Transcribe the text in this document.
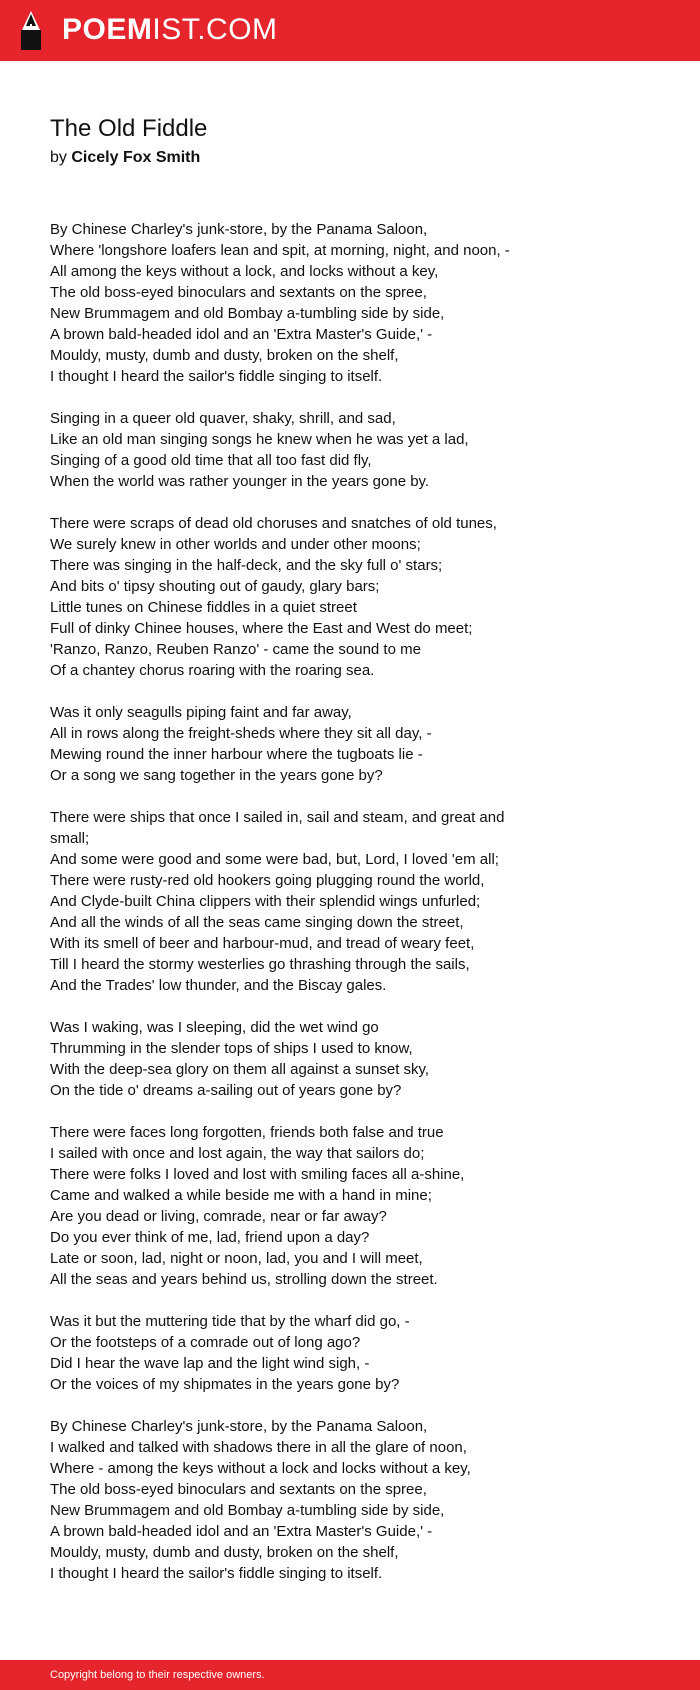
POEMIST.COM
The Old Fiddle
by Cicely Fox Smith
By Chinese Charley's junk-store, by the Panama Saloon,
Where 'longshore loafers lean and spit, at morning, night, and noon, -
All among the keys without a lock, and locks without a key,
The old boss-eyed binoculars and sextants on the spree,
New Brummagem and old Bombay a-tumbling side by side,
A brown bald-headed idol and an 'Extra Master's Guide,' -
Mouldy, musty, dumb and dusty, broken on the shelf,
I thought I heard the sailor's fiddle singing to itself.
Singing in a queer old quaver, shaky, shrill, and sad,
Like an old man singing songs he knew when he was yet a lad,
Singing of a good old time that all too fast did fly,
When the world was rather younger in the years gone by.
There were scraps of dead old choruses and snatches of old tunes,
We surely knew in other worlds and under other moons;
There was singing in the half-deck, and the sky full o' stars;
And bits o' tipsy shouting out of gaudy, glary bars;
Little tunes on Chinese fiddles in a quiet street
Full of dinky Chinee houses, where the East and West do meet;
'Ranzo, Ranzo, Reuben Ranzo' - came the sound to me
Of a chantey chorus roaring with the roaring sea.
Was it only seagulls piping faint and far away,
All in rows along the freight-sheds where they sit all day, -
Mewing round the inner harbour where the tugboats lie -
Or a song we sang together in the years gone by?
There were ships that once I sailed in, sail and steam, and great and small;
And some were good and some were bad, but, Lord, I loved 'em all;
There were rusty-red old hookers going plugging round the world,
And Clyde-built China clippers with their splendid wings unfurled;
And all the winds of all the seas came singing down the street,
With its smell of beer and harbour-mud, and tread of weary feet,
Till I heard the stormy westerlies go thrashing through the sails,
And the Trades' low thunder, and the Biscay gales.
Was I waking, was I sleeping, did the wet wind go
Thrumming in the slender tops of ships I used to know,
With the deep-sea glory on them all against a sunset sky,
On the tide o' dreams a-sailing out of years gone by?
There were faces long forgotten, friends both false and true
I sailed with once and lost again, the way that sailors do;
There were folks I loved and lost with smiling faces all a-shine,
Came and walked a while beside me with a hand in mine;
Are you dead or living, comrade, near or far away?
Do you ever think of me, lad, friend upon a day?
Late or soon, lad, night or noon, lad, you and I will meet,
All the seas and years behind us, strolling down the street.
Was it but the muttering tide that by the wharf did go, -
Or the footsteps of a comrade out of long ago?
Did I hear the wave lap and the light wind sigh, -
Or the voices of my shipmates in the years gone by?
By Chinese Charley's junk-store, by the Panama Saloon,
I walked and talked with shadows there in all the glare of noon,
Where - among the keys without a lock and locks without a key,
The old boss-eyed binoculars and sextants on the spree,
New Brummagem and old Bombay a-tumbling side by side,
A brown bald-headed idol and an 'Extra Master's Guide,' -
Mouldy, musty, dumb and dusty, broken on the shelf,
I thought I heard the sailor's fiddle singing to itself.
Copyright belong to their respective owners.
